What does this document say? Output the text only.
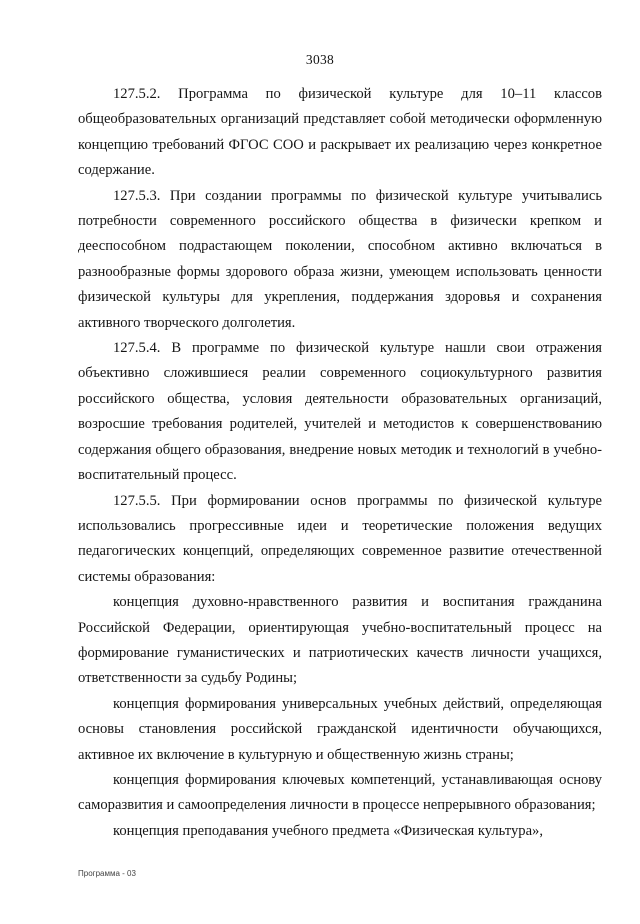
3038

127.5.2. Программа по физической культуре для 10–11 классов общеобразовательных организаций представляет собой методически оформленную концепцию требований ФГОС СОО и раскрывает их реализацию через конкретное содержание.

127.5.3. При создании программы по физической культуре учитывались потребности современного российского общества в физически крепком и дееспособном подрастающем поколении, способном активно включаться в разнообразные формы здорового образа жизни, умеющем использовать ценности физической культуры для укрепления, поддержания здоровья и сохранения активного творческого долголетия.

127.5.4. В программе по физической культуре нашли свои отражения объективно сложившиеся реалии современного социокультурного развития российского общества, условия деятельности образовательных организаций, возросшие требования родителей, учителей и методистов к совершенствованию содержания общего образования, внедрение новых методик и технологий в учебно-воспитательный процесс.

127.5.5. При формировании основ программы по физической культуре использовались прогрессивные идеи и теоретические положения ведущих педагогических концепций, определяющих современное развитие отечественной системы образования:

концепция духовно-нравственного развития и воспитания гражданина Российской Федерации, ориентирующая учебно-воспитательный процесс на формирование гуманистических и патриотических качеств личности учащихся, ответственности за судьбу Родины;

концепция формирования универсальных учебных действий, определяющая основы становления российской гражданской идентичности обучающихся, активное их включение в культурную и общественную жизнь страны;

концепция формирования ключевых компетенций, устанавливающая основу саморазвития и самоопределения личности в процессе непрерывного образования;

концепция преподавания учебного предмета «Физическая культура»,

Программа - 03
